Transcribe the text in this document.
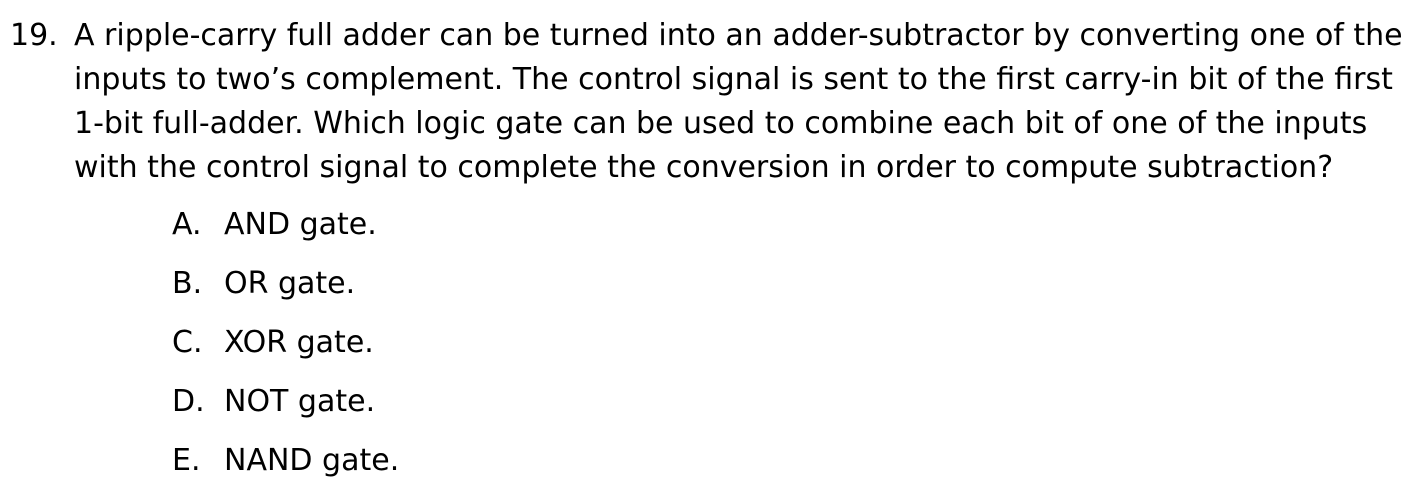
19. A ripple-carry full adder can be turned into an adder-subtractor by converting one of the
inputs to two’s complement. The control signal is sent to the first carry-in bit of the first
1-bit full-adder. Which logic gate can be used to combine each bit of one of the inputs
with the control signal to complete the conversion in order to compute subtraction?
A. AND gate.
B. OR gate.
C. XOR gate.
D. NOT gate.
E. NAND gate.
